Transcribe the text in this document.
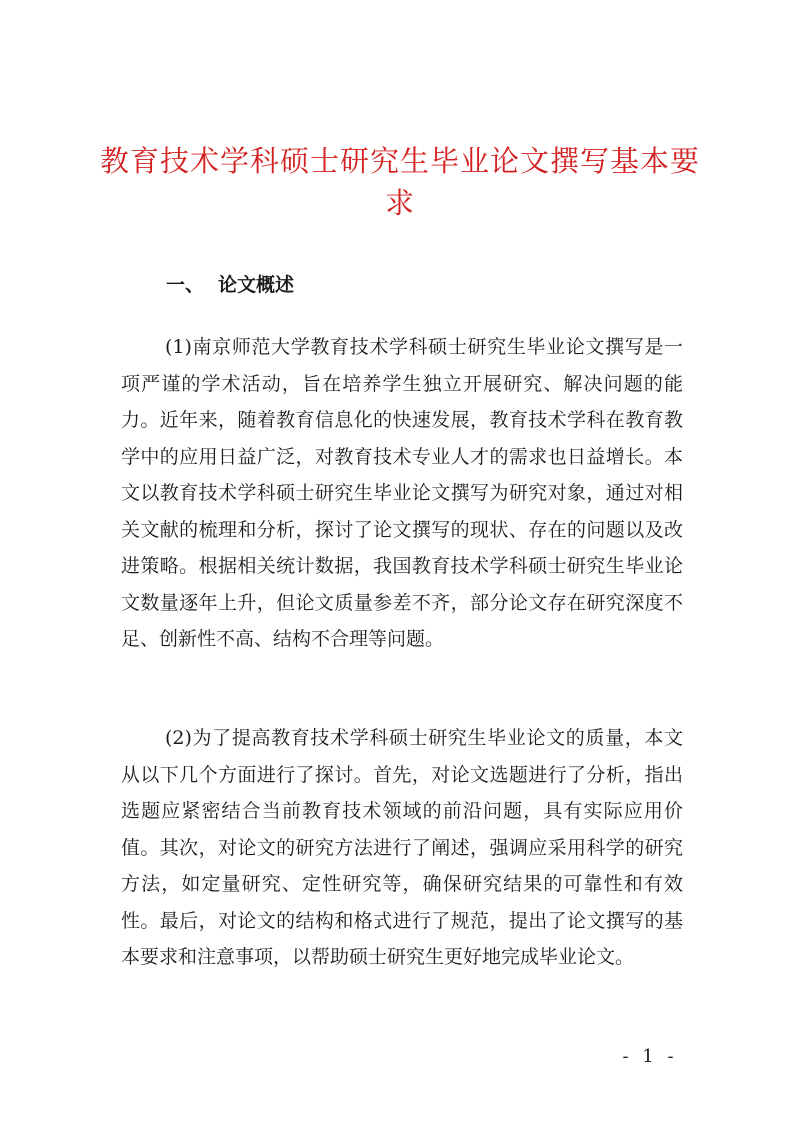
教育技术学科硕士研究生毕业论文撰写基本要求
一、 论文概述

(1)南京师范大学教育技术学科硕士研究生毕业论文撰写是一项严谨的学术活动，旨在培养学生独立开展研究、解决问题的能力。近年来，随着教育信息化的快速发展，教育技术学科在教育教学中的应用日益广泛，对教育技术专业人才的需求也日益增长。本文以教育技术学科硕士研究生毕业论文撰写为研究对象，通过对相关文献的梳理和分析，探讨了论文撰写的现状、存在的问题以及改进策略。根据相关统计数据，我国教育技术学科硕士研究生毕业论文数量逐年上升，但论文质量参差不齐，部分论文存在研究深度不足、创新性不高、结构不合理等问题。

(2)为了提高教育技术学科硕士研究生毕业论文的质量，本文从以下几个方面进行了探讨。首先，对论文选题进行了分析，指出选题应紧密结合当前教育技术领域的前沿问题，具有实际应用价值。其次，对论文的研究方法进行了阐述，强调应采用科学的研究方法，如定量研究、定性研究等，确保研究结果的可靠性和有效性。最后，对论文的结构和格式进行了规范，提出了论文撰写的基本要求和注意事项，以帮助硕士研究生更好地完成毕业论文。

- 1 -
